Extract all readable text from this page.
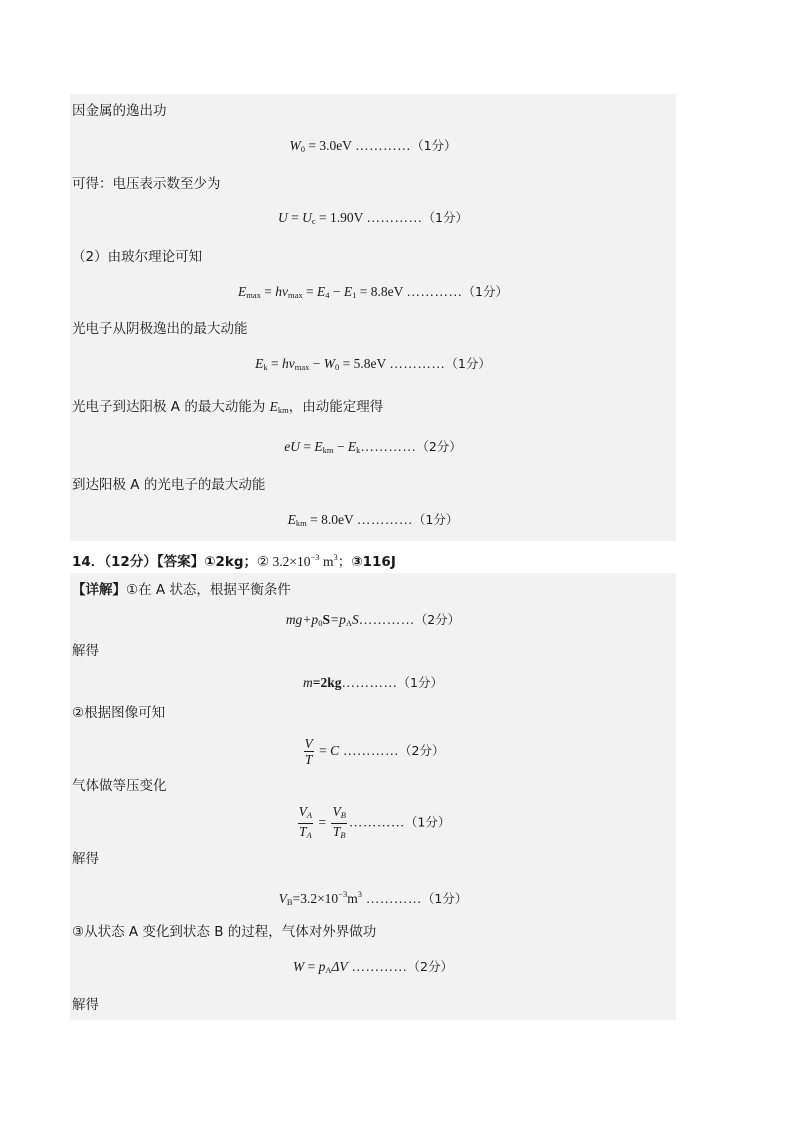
因金属的逸出功
$W_0 = 3.0eV$ …………（1分）
可得：电压表示数至少为
$U = U_c = 1.90V$ …………（1分）
（2）由玻尔理论可知
$E_{max} = h\nu_{max} = E_4 - E_1 = 8.8eV$ …………（1分）
光电子从阴极逸出的最大动能
$E_k = h\nu_{max} - W_0 = 5.8eV$ …………（1分）
光电子到达阳极 A 的最大动能为 $E_{km}$，由动能定理得
eU = $E_{km}$ − $E_k\dots\dots\dots\dots(2$分）
到达阳极 A 的光电子的最大动能
$E_{km} = 8.0eV$ …………（1分）
14．（12分）【答案】①2kg；② $3.2\times 10^{-3}$ $m^3$；③116J
【详解】①在 A 状态，根据平衡条件
$mg+p_0S=p_AS\dots\dots\dots\dots(2$分）
解得
m=2kg…………（1分）
②根据图像可知
$\frac{V}{T} = C$ …………（2分）
气体做等压变化
$\frac{V_A}{T_A} = \frac{V_B}{T_B}$ …………（1分）
解得
$V_B=3.2\times 10^{-3}m^3$ …………（1分）
③从状态 A 变化到状态 B 的过程，气体对外界做功
$W = p_A\Delta V$ …………（2分）
解得
